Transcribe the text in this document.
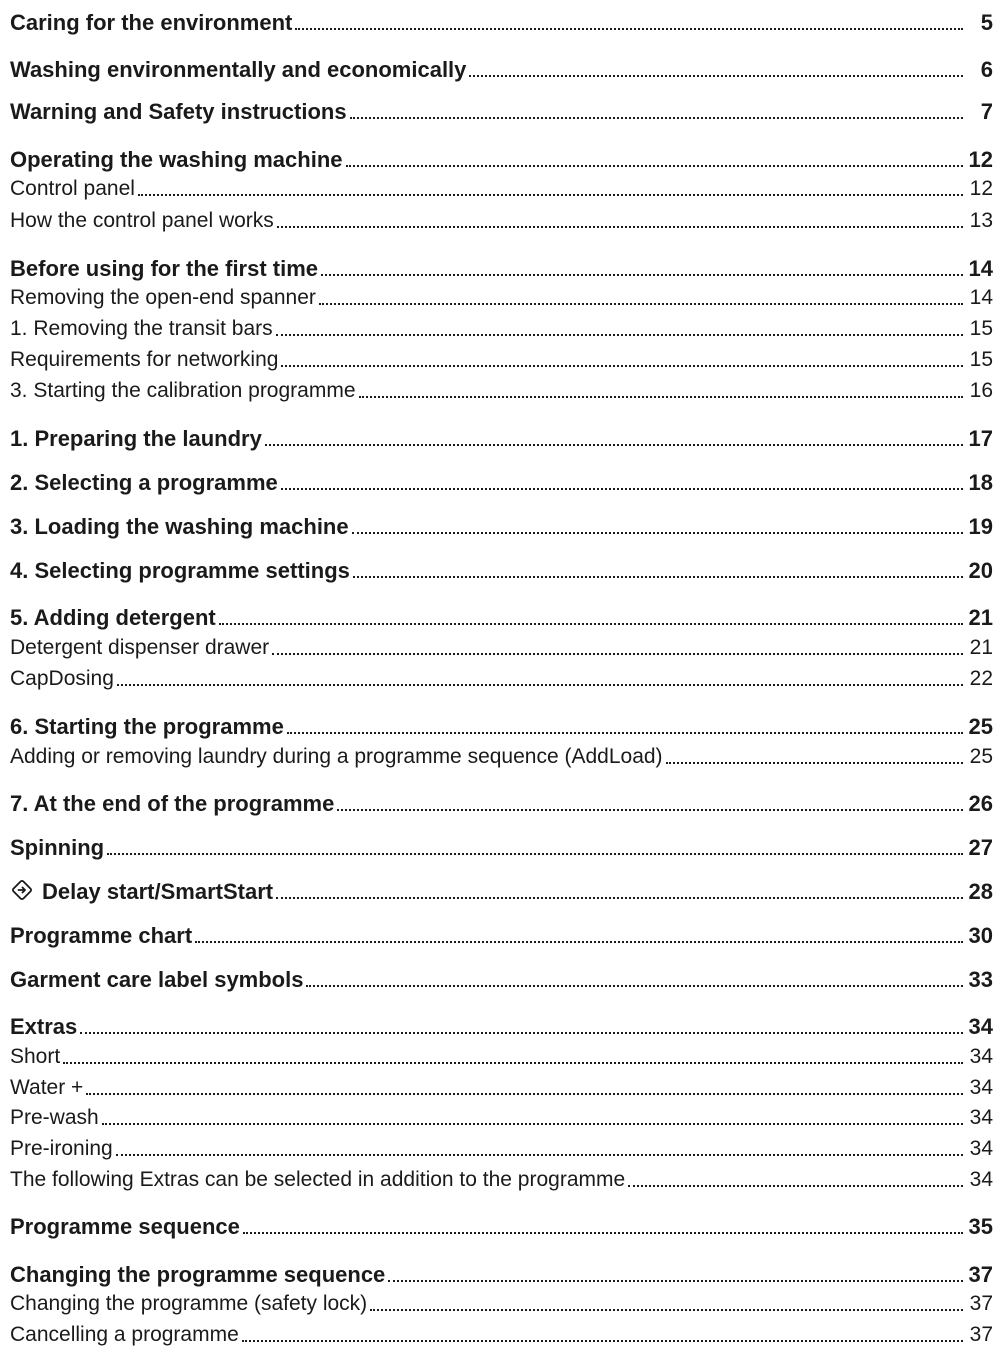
Caring for the environment	5
Washing environmentally and economically	6
Warning and Safety instructions	7
Operating the washing machine	12
Control panel	12
How the control panel works	13
Before using for the first time	14
Removing the open-end spanner	14
1. Removing the transit bars	15
Requirements for networking	15
3. Starting the calibration programme	16
1. Preparing the laundry	17
2. Selecting a programme	18
3. Loading the washing machine	19
4. Selecting programme settings	20
5. Adding detergent	21
Detergent dispenser drawer	21
CapDosing	22
6. Starting the programme	25
Adding or removing laundry during a programme sequence (AddLoad)	25
7. At the end of the programme	26
Spinning	27
Delay start/SmartStart	28
Programme chart	30
Garment care label symbols	33
Extras	34
Short	34
Water +	34
Pre-wash	34
Pre-ironing	34
The following Extras can be selected in addition to the programme	34
Programme sequence	35
Changing the programme sequence	37
Changing the programme (safety lock)	37
Cancelling a programme	37
